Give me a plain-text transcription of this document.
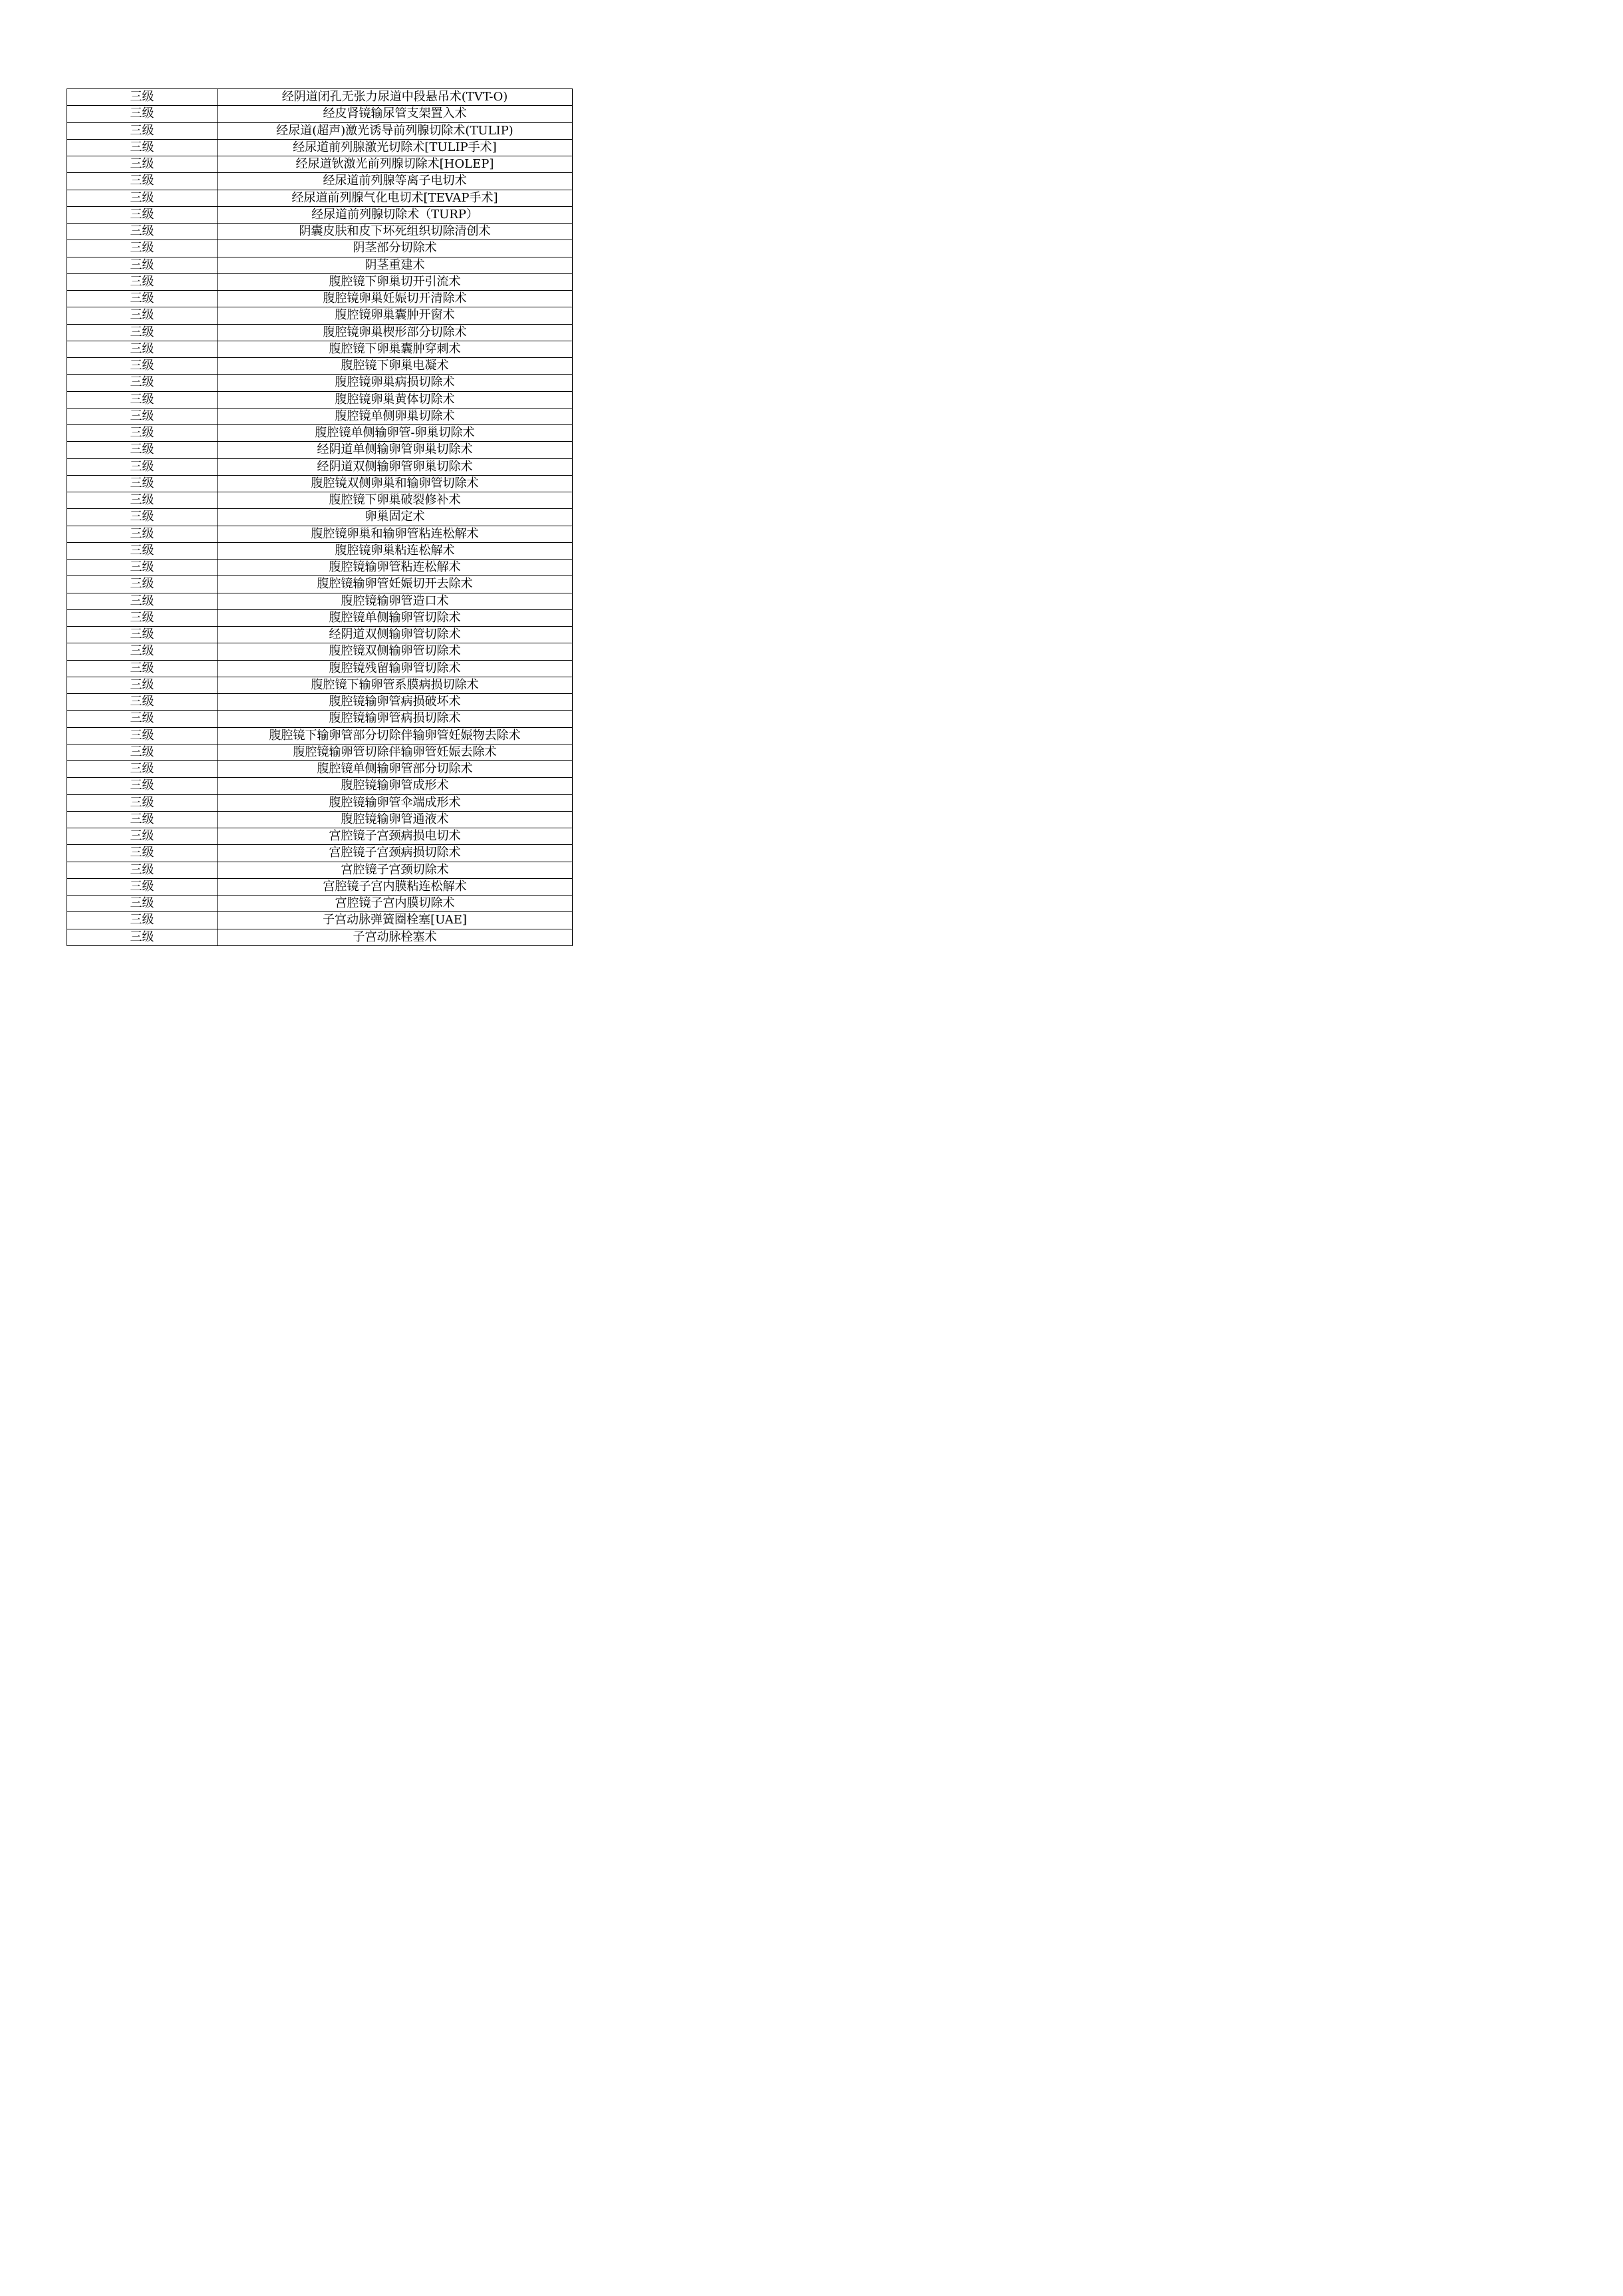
三级	经阴道闭孔无张力尿道中段悬吊术(TVT-O)
三级	经皮肾镜输尿管支架置入术
三级	经尿道(超声)激光诱导前列腺切除术(TULIP)
三级	经尿道前列腺激光切除术[TULIP手术]
三级	经尿道钬激光前列腺切除术[HOLEP]
三级	经尿道前列腺等离子电切术
三级	经尿道前列腺气化电切术[TEVAP手术]
三级	经尿道前列腺切除术（TURP）
三级	阴囊皮肤和皮下坏死组织切除清创术
三级	阴茎部分切除术
三级	阴茎重建术
三级	腹腔镜下卵巢切开引流术
三级	腹腔镜卵巢妊娠切开清除术
三级	腹腔镜卵巢囊肿开窗术
三级	腹腔镜卵巢楔形部分切除术
三级	腹腔镜下卵巢囊肿穿刺术
三级	腹腔镜下卵巢电凝术
三级	腹腔镜卵巢病损切除术
三级	腹腔镜卵巢黄体切除术
三级	腹腔镜单侧卵巢切除术
三级	腹腔镜单侧输卵管-卵巢切除术
三级	经阴道单侧输卵管卵巢切除术
三级	经阴道双侧输卵管卵巢切除术
三级	腹腔镜双侧卵巢和输卵管切除术
三级	腹腔镜下卵巢破裂修补术
三级	卵巢固定术
三级	腹腔镜卵巢和输卵管粘连松解术
三级	腹腔镜卵巢粘连松解术
三级	腹腔镜输卵管粘连松解术
三级	腹腔镜输卵管妊娠切开去除术
三级	腹腔镜输卵管造口术
三级	腹腔镜单侧输卵管切除术
三级	经阴道双侧输卵管切除术
三级	腹腔镜双侧输卵管切除术
三级	腹腔镜残留输卵管切除术
三级	腹腔镜下输卵管系膜病损切除术
三级	腹腔镜输卵管病损破坏术
三级	腹腔镜输卵管病损切除术
三级	腹腔镜下输卵管部分切除伴输卵管妊娠物去除术
三级	腹腔镜输卵管切除伴输卵管妊娠去除术
三级	腹腔镜单侧输卵管部分切除术
三级	腹腔镜输卵管成形术
三级	腹腔镜输卵管伞端成形术
三级	腹腔镜输卵管通液术
三级	宫腔镜子宫颈病损电切术
三级	宫腔镜子宫颈病损切除术
三级	宫腔镜子宫颈切除术
三级	宫腔镜子宫内膜粘连松解术
三级	宫腔镜子宫内膜切除术
三级	子宫动脉弹簧圈栓塞[UAE]
三级	子宫动脉栓塞术
